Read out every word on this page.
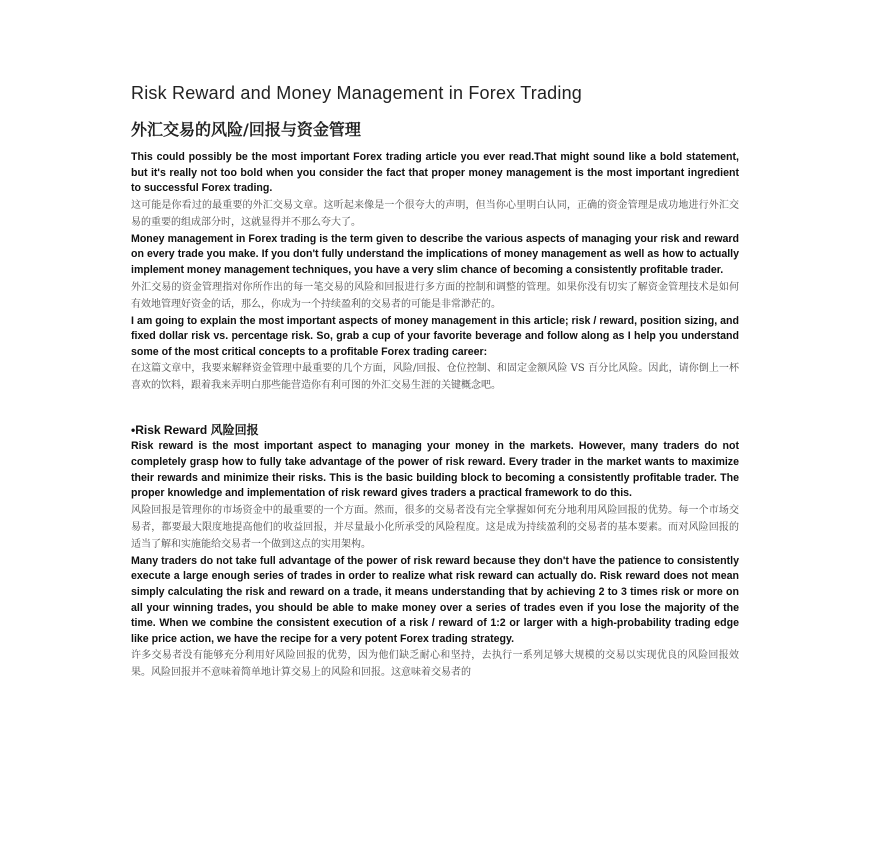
Risk Reward and Money Management in Forex Trading
外汇交易的风险/回报与资金管理

This could possibly be the most important Forex trading article you ever read.That might sound like a bold statement, but it's really not too bold when you consider the fact that proper money management is the most important ingredient to successful Forex trading.

这可能是你看过的最重要的外汇交易文章。这听起来像是一个很夸大的声明，但当你心里明白认同，正确的资金管理是成功地进行外汇交易的重要的组成部分时，这就显得并不那么夸大了。

Money management in Forex trading is the term given to describe the various aspects of managing your risk and reward on every trade you make. If you don't fully understand the implications of money management as well as how to actually implement money management techniques, you have a very slim chance of becoming a consistently profitable trader.

外汇交易的资金管理指对你所作出的每一笔交易的风险和回报进行多方面的控制和调整的管理。如果你没有切实了解资金管理技术是如何有效地管理好资金的话，那么，你成为一个持续盈利的交易者的可能是非常渺茫的。

I am going to explain the most important aspects of money management in this article; risk / reward, position sizing, and fixed dollar risk vs. percentage risk. So, grab a cup of your favorite beverage and follow along as I help you understand some of the most critical concepts to a profitable Forex trading career:

在这篇文章中，我要来解释资金管理中最重要的几个方面，风险/回报、仓位控制、和固定金额风险 VS 百分比风险。因此，请你倒上一杯喜欢的饮料，跟着我来弄明白那些能营造你有利可图的外汇交易生涯的关键概念吧。

•Risk Reward 风险回报

Risk reward is the most important aspect to managing your money in the markets. However, many traders do not completely grasp how to fully take advantage of the power of risk reward. Every trader in the market wants to maximize their rewards and minimize their risks. This is the basic building block to becoming a consistently profitable trader. The proper knowledge and implementation of risk reward gives traders a practical framework to do this.

风险回报是管理你的市场资金中的最重要的一个方面。然而，很多的交易者没有完全掌握如何充分地利用风险回报的优势。每一个市场交易者，都要最大限度地提高他们的收益回报，并尽量最小化所承受的风险程度。这是成为持续盈利的交易者的基本要素。而对风险回报的适当了解和实施能给交易者一个做到这点的实用架构。

Many traders do not take full advantage of the power of risk reward because they don't have the patience to consistently execute a large enough series of trades in order to realize what risk reward can actually do. Risk reward does not mean simply calculating the risk and reward on a trade, it means understanding that by achieving 2 to 3 times risk or more on all your winning trades, you should be able to make money over a series of trades even if you lose the majority of the time. When we combine the consistent execution of a risk / reward of 1:2 or larger with a high-probability trading edge like price action, we have the recipe for a very potent Forex trading strategy.

许多交易者没有能够充分利用好风险回报的优势，因为他们缺乏耐心和坚持，去执行一系列足够大规模的交易以实现优良的风险回报效果。风险回报并不意味着简单地计算交易上的风险和回报。这意味着交易者的
